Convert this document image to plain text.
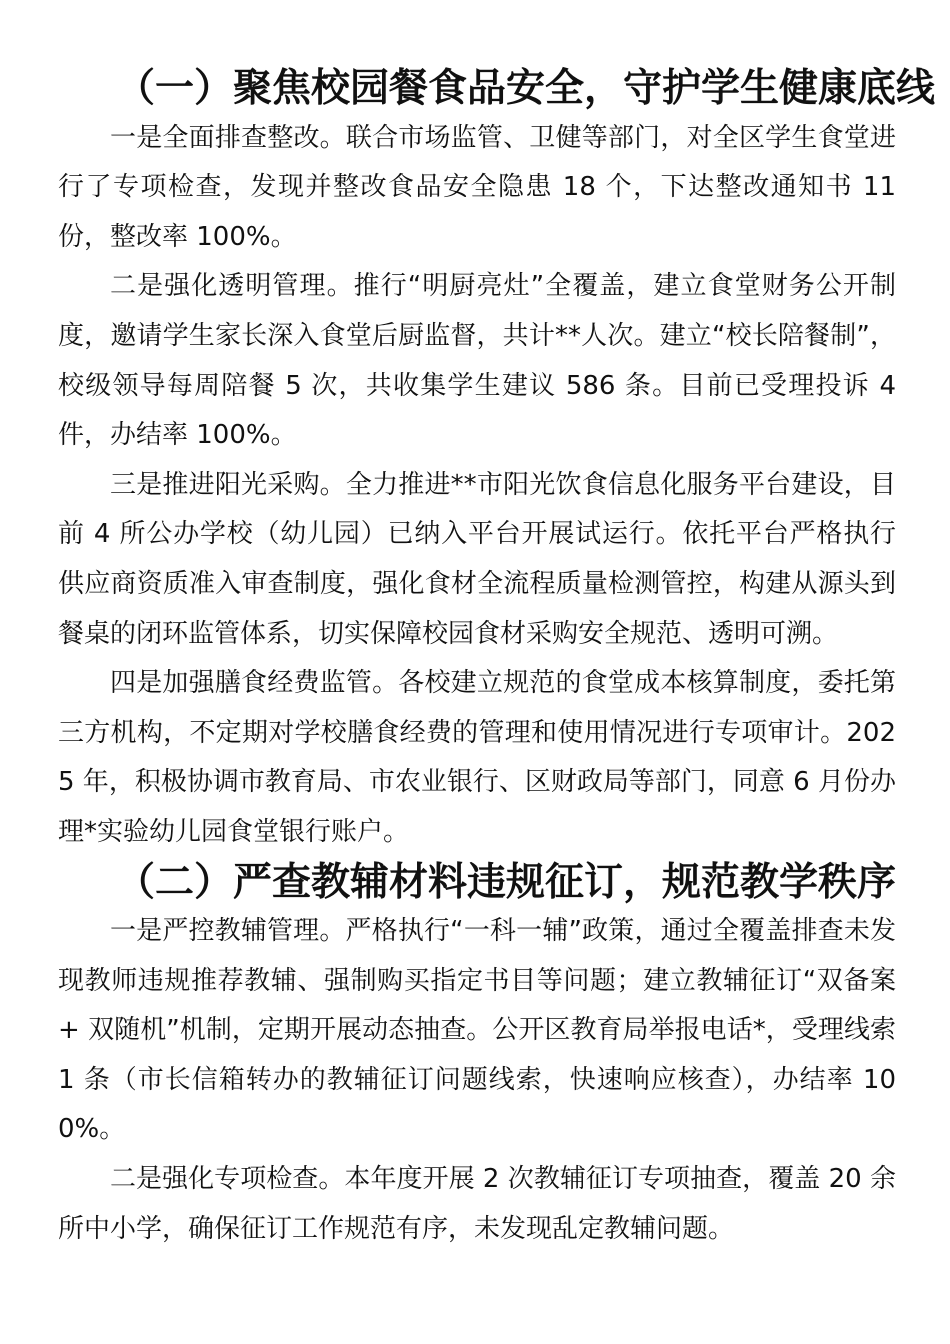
（一）聚焦校园餐食品安全，守护学生健康底线

一是全面排查整改。联合市场监管、卫健等部门，对全区学生食堂进行了专项检查，发现并整改食品安全隐患 18 个，下达整改通知书 11 份，整改率 100%。

二是强化透明管理。推行“明厨亮灶”全覆盖，建立食堂财务公开制度，邀请学生家长深入食堂后厨监督，共计**人次。建立“校长陪餐制”，校级领导每周陪餐 5 次，共收集学生建议 586 条。目前已受理投诉 4 件，办结率 100%。

三是推进阳光采购。全力推进**市阳光饮食信息化服务平台建设，目前 4 所公办学校（幼儿园）已纳入平台开展试运行。依托平台严格执行供应商资质准入审查制度，强化食材全流程质量检测管控，构建从源头到餐桌的闭环监管体系，切实保障校园食材采购安全规范、透明可溯。

四是加强膳食经费监管。各校建立规范的食堂成本核算制度，委托第三方机构，不定期对学校膳食经费的管理和使用情况进行专项审计。2025 年，积极协调市教育局、市农业银行、区财政局等部门，同意 6 月份办理*实验幼儿园食堂银行账户。

（二）严查教辅材料违规征订，规范教学秩序

一是严控教辅管理。严格执行“一科一辅”政策，通过全覆盖排查未发现教师违规推荐教辅、强制购买指定书目等问题；建立教辅征订“双备案 + 双随机”机制，定期开展动态抽查。公开区教育局举报电话*，受理线索 1 条（市长信箱转办的教辅征订问题线索，快速响应核查），办结率 100%。

二是强化专项检查。本年度开展 2 次教辅征订专项抽查，覆盖 20 余所中小学，确保征订工作规范有序，未发现乱定教辅问题。
